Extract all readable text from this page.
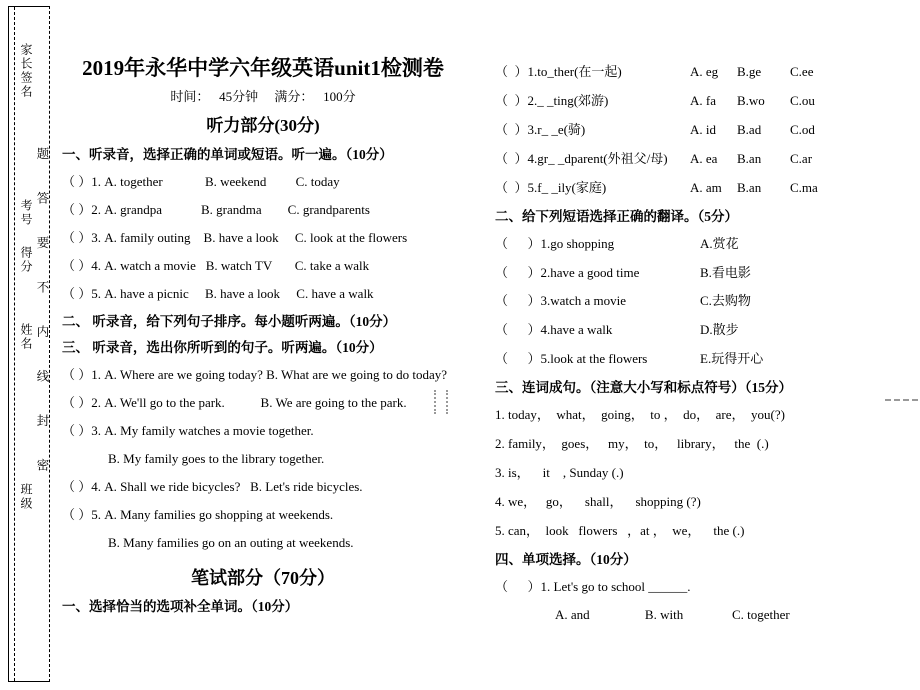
家长签名
考号
得分
姓名
班级 题答要不内线封密
2019年永华中学六年级英语unit1检测卷
时间：   45分钟     满分：   100分
听力部分(30分)
一、听录音，选择正确的单词或短语。听一遍。（10分）
（ ）1. A. together             B. weekend         C. today
（ ）2. A. grandpa            B. grandma        C. grandparents
（ ）3. A. family outing    B. have a look     C. look at the flowers
（ ）4. A. watch a movie   B. watch TV       C. take a walk
（ ）5. A. have a picnic     B. have a look     C. have a walk
二、 听录音，给下列句子排序。每小题听两遍。（10分）
三、 听录音，选出你所听到的句子。听两遍。（10分）
（ ）1. A. Where are we going today? B. What are we going to do today?
（ ）2. A. We'll go to the park.           B. We are going to the park.
（ ）3. A. My family watches a movie together.
B. My family goes to the library together.
（ ）4. A. Shall we ride bicycles?   B. Let's ride bicycles.
（ ）5. A. Many families go shopping at weekends.
B. Many families go on an outing at weekends.
笔试部分（70分）
一、选择恰当的选项补全单词。（10分）
（  ）1.to_ther(在一起)	A. eg	B.ge	C.ee
（  ）2._ _ting(郊游)	A. fa	B.wo	C.ou
（  ）3.r_ _e(骑)	A. id	B.ad	C.od
（  ）4.gr_ _dparent(外祖父/母)	A. ea	B.an	C.ar
（  ）5.f_ _ily(家庭)	A. am	B.an	C.ma
二、给下列短语选择正确的翻译。（5分）
（      ）1.go shopping	A.赏花
（      ）2.have a good time	B.看电影
（      ）3.watch a movie	C.去购物
（      ）4.have a walk	D.散步
（      ）5.look at the flowers	E.玩得开心
三、连词成句。（注意大小写和标点符号）（15分）
1. today，  what，  going，  to ，  do，  are，  you(?)
2. family，  goes，   my，  to，   library，   the  (.)
3. is，    it    , Sunday (.)
4. we，   go，    shall，    shopping (?)
5. can，  look   flowers   ，at ，  we，    the (.)
四、单项选择。（10分）
（      ）1. Let's go to school ______.
A. and                 B. with               C. together
